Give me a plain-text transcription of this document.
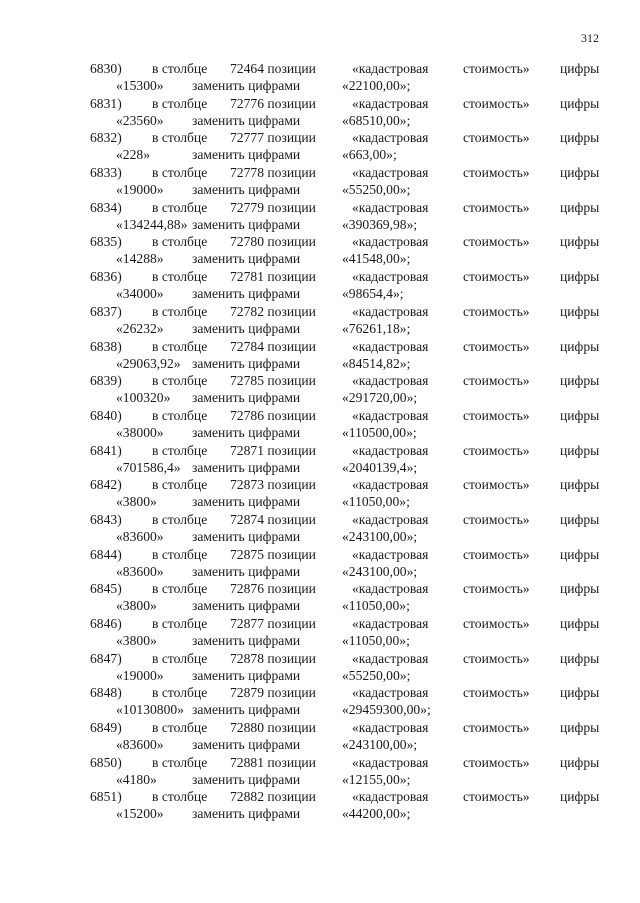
312
6830) в столбце 72464 позиции	«кадастровая	стоимость» цифры
«15300» заменить цифрами	«22100,00»;
6831) в столбце 72776 позиции	«кадастровая	стоимость» цифры
«23560» заменить цифрами	«68510,00»;
6832) в столбце 72777 позиции	«кадастровая	стоимость» цифры
«228»	заменить цифрами	«663,00»;
6833) в столбце 72778 позиции	«кадастровая	стоимость» цифры
«19000» заменить цифрами	«55250,00»;
6834) в столбце 72779 позиции	«кадастровая	стоимость» цифры
«134244,88» заменить цифрами	«390369,98»;
6835) в столбце 72780 позиции	«кадастровая	стоимость» цифры
«14288» заменить цифрами	«41548,00»;
6836) в столбце 72781 позиции	«кадастровая	стоимость» цифры
«34000» заменить цифрами	«98654,4»;
6837) в столбце 72782 позиции	«кадастровая	стоимость» цифры
«26232» заменить цифрами	«76261,18»;
6838) в столбце 72784 позиции	«кадастровая	стоимость» цифры
«29063,92» заменить цифрами	«84514,82»;
6839) в столбце 72785 позиции	«кадастровая	стоимость» цифры
«100320» заменить цифрами	«291720,00»;
6840) в столбце 72786 позиции	«кадастровая	стоимость» цифры
«38000» заменить цифрами	«110500,00»;
6841) в столбце 72871 позиции	«кадастровая	стоимость» цифры
«701586,4» заменить цифрами	«2040139,4»;
6842) в столбце 72873 позиции	«кадастровая	стоимость» цифры
«3800»	заменить цифрами	«11050,00»;
6843) в столбце 72874 позиции	«кадастровая	стоимость» цифры
«83600» заменить цифрами	«243100,00»;
6844) в столбце 72875 позиции	«кадастровая	стоимость» цифры
«83600» заменить цифрами	«243100,00»;
6845) в столбце 72876 позиции	«кадастровая	стоимость» цифры
«3800»	заменить цифрами	«11050,00»;
6846) в столбце 72877 позиции	«кадастровая	стоимость» цифры
«3800»	заменить цифрами	«11050,00»;
6847) в столбце 72878 позиции	«кадастровая	стоимость» цифры
«19000» заменить цифрами	«55250,00»;
6848) в столбце 72879 позиции	«кадастровая	стоимость» цифры
«10130800» заменить цифрами	«29459300,00»;
6849) в столбце 72880 позиции	«кадастровая	стоимость» цифры
«83600» заменить цифрами	«243100,00»;
6850) в столбце 72881 позиции	«кадастровая	стоимость» цифры
«4180»	заменить цифрами	«12155,00»;
6851) в столбце 72882 позиции	«кадастровая	стоимость» цифры
«15200» заменить цифрами	«44200,00»;
